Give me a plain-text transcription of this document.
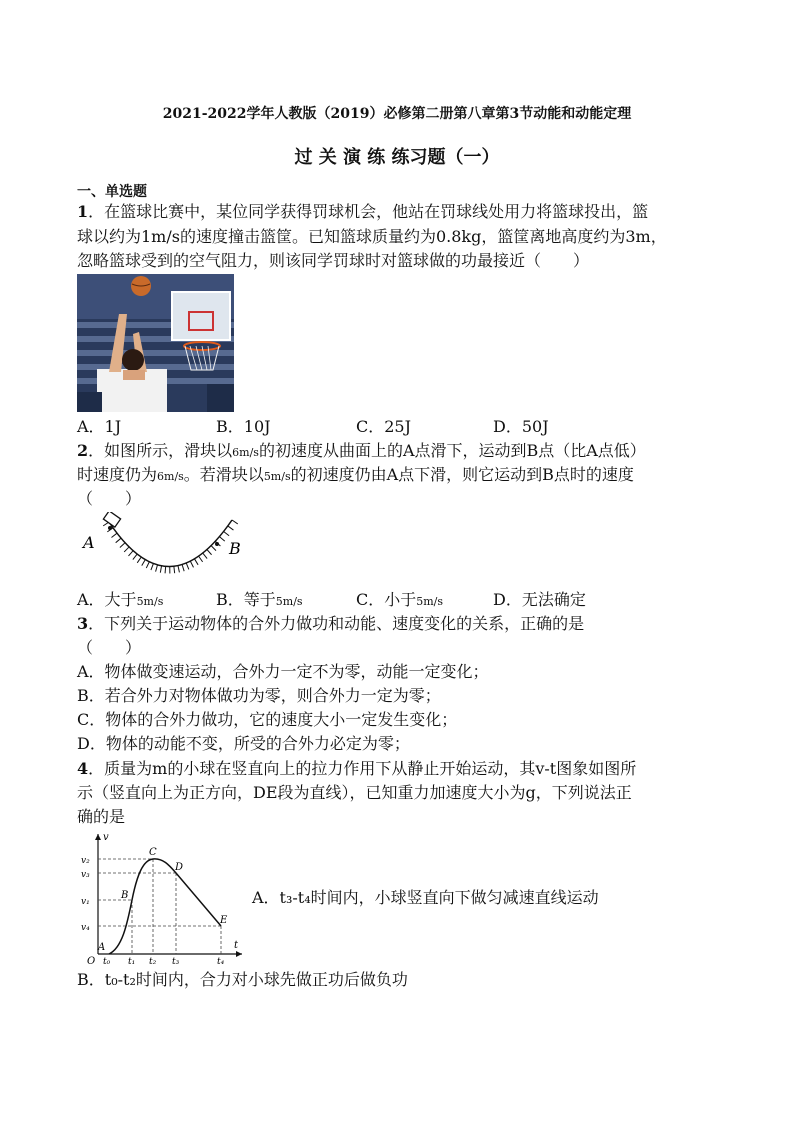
2021-2022学年人教版（2019）必修第二册第八章第3节动能和动能定理
过 关 演 练 练习题（一）
一、单选题
1．在篮球比赛中，某位同学获得罚球机会，他站在罚球线处用力将篮球投出，篮
球以约为1m/s的速度撞击篮筐。已知篮球质量约为0.8kg，篮筐离地高度约为3m，
忽略篮球受到的空气阻力，则该同学罚球时对篮球做的功最接近（　　）
A．1J	B．10J	C．25J	D．50J
2．如图所示，滑块以6m/s的初速度从曲面上的A点滑下，运动到B点（比A点低）
时速度仍为6m/s。若滑块以5m/s的初速度仍由A点下滑，则它运动到B点时的速度
（　　）
A	B
A．大于5m/s	B．等于5m/s	C．小于5m/s	D．无法确定
3．下列关于运动物体的合外力做功和动能、速度变化的关系，正确的是
（　　）
A．物体做变速运动，合外力一定不为零，动能一定变化；
B．若合外力对物体做功为零，则合外力一定为零；
C．物体的合外力做功，它的速度大小一定发生变化；
D．物体的动能不变，所受的合外力必定为零；
4．质量为m的小球在竖直向上的拉力作用下从静止开始运动，其v-t图象如图所
示（竖直向上为正方向，DE段为直线），已知重力加速度大小为g，下列说法正
确的是
v
t
O
v₂
v₃
v₁
v₄
t₀ t₁ t₂ t₃	t₄
A
B
C
D
E
A．t₃-t₄时间内，小球竖直向下做匀减速直线运动
B．t₀-t₂时间内，合力对小球先做正功后做负功
